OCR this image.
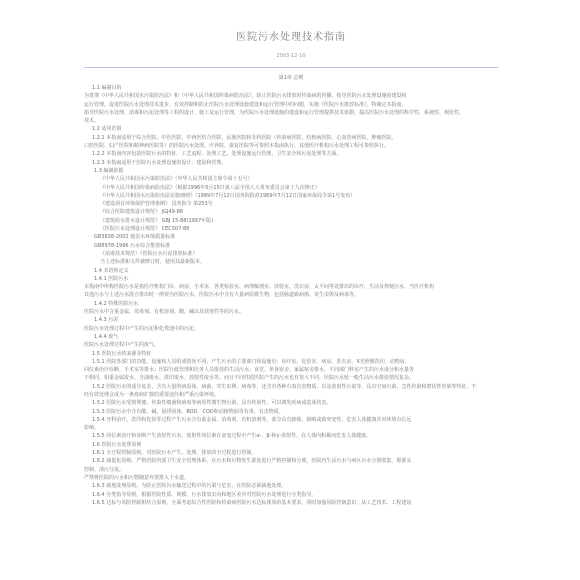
医院污水处理技术指南
2003-12-10
第1章 总则
1.1 编制目的
为贯彻《中华人民共和国水污染防治法》和《中华人民共和国传染病防治法》，防止医院污水排放时传染病的传播，指导医院污水处理设施的建设和
运行管理，促进医院污水处理技术进步，有效控制和防止医院污水处理设施建设和运行管理中的问题，实施《医院污水排放标准》，特制定本指南。
指导医院污水处理、消毒和污泥处理等工程的设计、施工及运行管理。为医院污水处理设施的建设和运行管理提供技术依据，提高医院污水处理的科学性、系统性、规范性。
技术。
1.2 适用范围
1.2.1 本指南适用于综合医院、中医医院、中西医结合医院、民族医院和专科医院（传染病医院、结核病医院、心血管病医院、肿瘤医院、
口腔医院、妇产医院和精神病医院等）的医院污水处理。疗养院、康复医院等可参照本指南执行，其他医疗机构污水处理工程可参照执行。
1.2.2 本指南内容包括医院污水的特征、工艺流程、处理工艺、处理设施运行管理，卫生安全和污泥处理等方面。
1.2.3 本指南适用于医院污水处理设施的设计、建设和管理。
1.3 编制依据
《中华人民共和国水污染防治法》（中华人民共和国主席令第十五号）
《中华人民共和国传染病防治法》（根据1996年5月15日第八届全国人大常务委员会第十九次修正）
《中华人民共和国水污染防治法实施细则》（1989年7月12日国务院批准1989年7月12日国家环保局令第1号发布）
《建设项目环境保护管理条例》 国务院令 第253号
《综合医院建筑设计规范》 JGJ49-88
《建筑给水排水设计规范》 GBJ 15-88(1997年版)
《医院污水处理设计规范》 CECS07:88
GB3838-2002 地表水环境质量标准
GB8978-1996 污水综合排放标准
《消毒技术规范》《医院污水污泥排放标准》
当上述标准和文件被修订时，使用其最新版本。
1.4 术语和定义
1.4.1 医院污水
本指南中所称医院污水是指医疗机构门诊、病房、手术室、各类检验室、病理解剖室、放射室、洗衣房、太平间等处排出的诊疗、生活及粪便污水，当医疗机构
其他污水与上述污水混合排出时一律视为医院污水。医院污水中含有大量病原微生物，包括肠道致病菌、寄生虫卵及病毒等。
1.4.2 特殊医院污水
医院污水中含重金属、消毒剂、有机溶剂、酸、碱以及放射性等的污水。
1.4.3 污泥
医院污水处理过程中产生的污泥和化粪池中的污泥。
1.4.4 废气
医院污水处理过程中产生的废气。
1.5 医院污水的来源及特征
1.5.1 医院各部门的功能、设施和人员组成情况不同，产生污水的主要部门和设施有：诊疗室、化验室、病房、洗衣房、X光照像洗印、动物房、
同位素治疗诊断、手术室等排水；医院行政管理和医务人员排放的生活污水；食堂、单身宿舍、家属宿舍排水。不同部门科室产生的污水成分和水量各
不相同，如重金属废水、含油废水、洗印废水、放射性废水等。而且不同性质医院产生的污水也有很大不同。医院污水较一般生活污水排放情况复杂。
1.5.2 医院污水的成分复杂，含有大量的病原体、病菌、寄生虫卵、病毒等，还含有各种有毒有害物质，以及放射性污染等，具有空间污染、急性传染和潜伏性传染等特征，不
经有效处理会成为一条疫病扩散的重要途径和严重污染环境。
1.5.2 医院污水受到粪便、传染性细菌和病毒等病原性微生物污染，具有传染性，可以诱发疾病或造成伤害。
1.5.3 医院污水中含有酸、碱、悬浮固体、BOD、COD和动植物油等有毒、有害物质。
1.5.4 牙科治疗、洗印和化验等过程产生污水含有重金属、消毒剂、有机溶剂等，部分具有致癌、致畸或致突变性，危害人体健康并对环境有长远
影响。
1.5.5 同位素治疗和诊断产生放射性污水。放射性同位素在衰变过程中产生α-、β-和γ-放射性，在人体内积累而危害人体健康。
1.6 医院污水处理原则
1.6.1 全过程控制原则。对医院污水产生、处理、排放的全过程进行控制。
1.6.2 减量化原则。严格医院内部卫生安全管理体系，在污水和污物发生源处进行严格控制和分离，医院内生活污水与病区污水分别收集，即源头
控制、清污分流。
严禁将医院的污水和污物随意弃置排入下水道。
1.6.3 就地处理原则。为防止医院污水输送过程中的污染与危害，在医院必须就地处理。
1.6.4 分类指导原则。根据医院性质、规模、污水排放去向和地区差异对医院污水处理进行分类指导。
1.6.5 达标与风险控制相结合原则。全面考虑综合性医院和传染病医院污水达标排放的基本要求，同时加强风险控制意识，从工艺技术、工程建设
